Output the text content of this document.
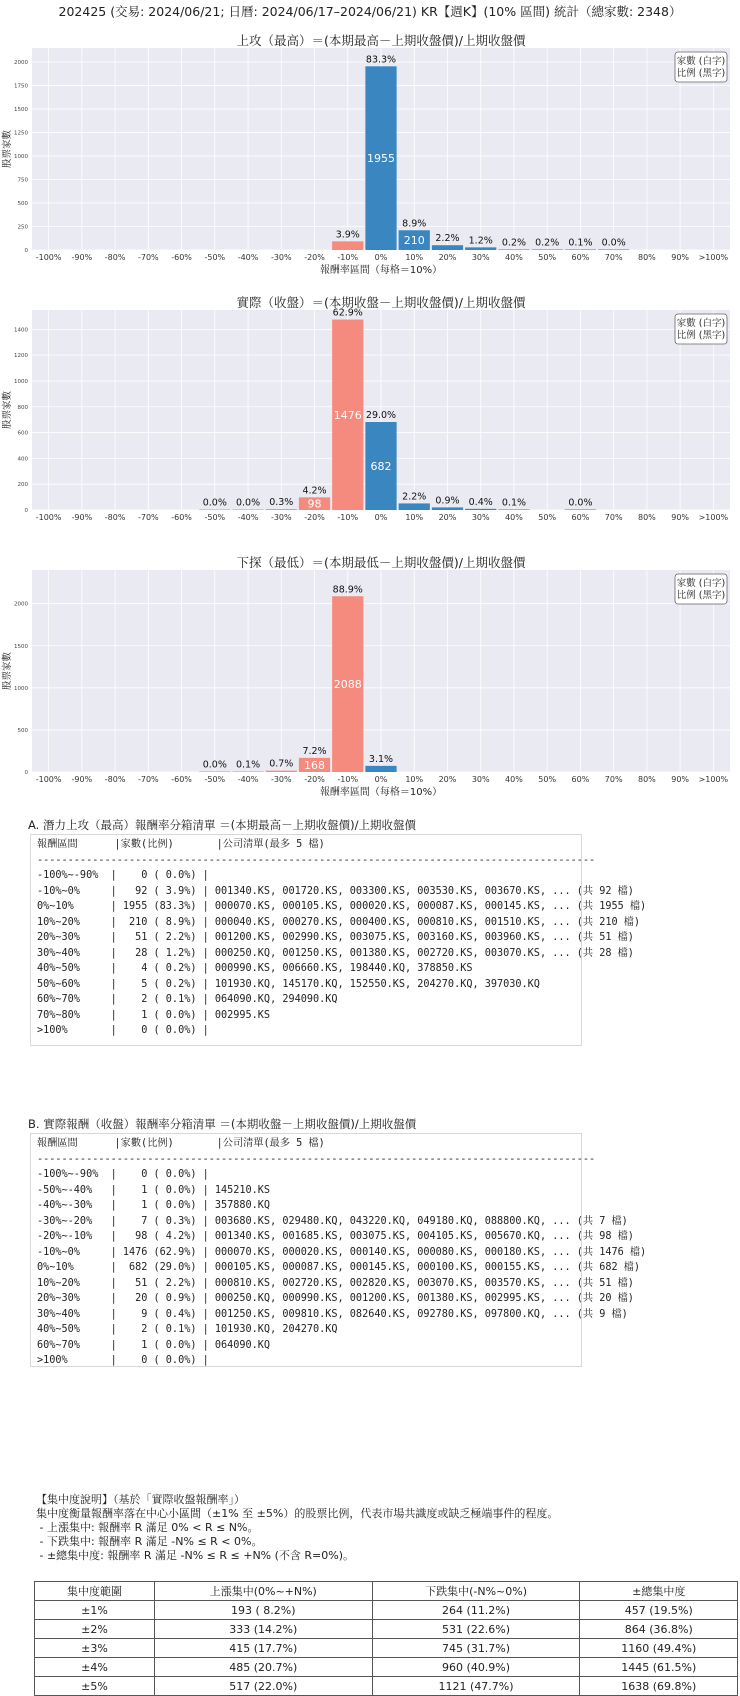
202425 (交易: 2024/06/21; 日曆: 2024/06/17–2024/06/21) KR【週K】(10% 區間) 統計（總家數: 2348）
上攻（最高）＝(本期最高－上期收盤價)/上期收盤價
0
250
500
750
1000
1250
1500
1750
2000
-100% -90% -80% -70% -60% -50% -40% -30% -20% -10% 0% 10% 20% 30% 40% 50% 60% 70% 80% 90% >100%
股票家數
報酬率區間（每格＝10%）
3.9%
83.3%
1955
8.9%
210 2.2% 1.2% 0.2% 0.2% 0.1% 0.0%
家數 (白字)
比例 (黑字)
實際（收盤）＝(本期收盤－上期收盤價)/上期收盤價
0
200
400
600
800
1000
1200
1400
-100% -90% -80% -70% -60% -50% -40% -30% -20% -10% 0% 10% 20% 30% 40% 50% 60% 70% 80% 90% >100%
股票家數
0.0% 0.0% 0.3%
4.2%
98
62.9%
1476 29.0%
682
2.2% 0.9% 0.4% 0.1%	0.0%
家數 (白字)
比例 (黑字)
下探（最低）＝(本期最低－上期收盤價)/上期收盤價
0
500
1000
1500
2000
-100% -90% -80% -70% -60% -50% -40% -30% -20% -10% 0% 10% 20% 30% 40% 50% 60% 70% 80% 90% >100%
股票家數
報酬率區間（每格＝10%）
0.0% 0.1% 0.7%
7.2%
168
88.9%
2088
3.1%
家數 (白字)
比例 (黑字)
A. 潛力上攻（最高）報酬率分箱清單 ＝(本期最高－上期收盤價)/上期收盤價
報酬區間      |家數(比例)       |公司清單(最多 5 檔)
-------------------------------------------------------------------------------------------
-100%~-90%  |    0 ( 0.0%) |
-10%~0%     |   92 ( 3.9%) | 001340.KS, 001720.KS, 003300.KS, 003530.KS, 003670.KS, ... (共 92 檔)
0%~10%      | 1955 (83.3%) | 000070.KS, 000105.KS, 000020.KS, 000087.KS, 000145.KS, ... (共 1955 檔)
10%~20%     |  210 ( 8.9%) | 000040.KS, 000270.KS, 000400.KS, 000810.KS, 001510.KS, ... (共 210 檔)
20%~30%     |   51 ( 2.2%) | 001200.KS, 002990.KS, 003075.KS, 003160.KS, 003960.KS, ... (共 51 檔)
30%~40%     |   28 ( 1.2%) | 000250.KQ, 001250.KS, 001380.KS, 002720.KS, 003070.KS, ... (共 28 檔)
40%~50%     |    4 ( 0.2%) | 000990.KS, 006660.KS, 198440.KQ, 378850.KS
50%~60%     |    5 ( 0.2%) | 101930.KQ, 145170.KQ, 152550.KS, 204270.KQ, 397030.KQ
60%~70%     |    2 ( 0.1%) | 064090.KQ, 294090.KQ
70%~80%     |    1 ( 0.0%) | 002995.KS
>100%       |    0 ( 0.0%) |
B. 實際報酬（收盤）報酬率分箱清單 ＝(本期收盤－上期收盤價)/上期收盤價
報酬區間      |家數(比例)       |公司清單(最多 5 檔)
-------------------------------------------------------------------------------------------
-100%~-90%  |    0 ( 0.0%) |
-50%~-40%   |    1 ( 0.0%) | 145210.KS
-40%~-30%   |    1 ( 0.0%) | 357880.KQ
-30%~-20%   |    7 ( 0.3%) | 003680.KS, 029480.KQ, 043220.KQ, 049180.KQ, 088800.KQ, ... (共 7 檔)
-20%~-10%   |   98 ( 4.2%) | 001340.KS, 001685.KS, 003075.KS, 004105.KS, 005670.KQ, ... (共 98 檔)
-10%~0%     | 1476 (62.9%) | 000070.KS, 000020.KS, 000140.KS, 000080.KS, 000180.KS, ... (共 1476 檔)
0%~10%      |  682 (29.0%) | 000105.KS, 000087.KS, 000145.KS, 000100.KS, 000155.KS, ... (共 682 檔)
10%~20%     |   51 ( 2.2%) | 000810.KS, 002720.KS, 002820.KS, 003070.KS, 003570.KS, ... (共 51 檔)
20%~30%     |   20 ( 0.9%) | 000250.KQ, 000990.KS, 001200.KS, 001380.KS, 002995.KS, ... (共 20 檔)
30%~40%     |    9 ( 0.4%) | 001250.KS, 009810.KS, 082640.KS, 092780.KS, 097800.KQ, ... (共 9 檔)
40%~50%     |    2 ( 0.1%) | 101930.KQ, 204270.KQ
60%~70%     |    1 ( 0.0%) | 064090.KQ
>100%       |    0 ( 0.0%) |
【集中度說明】（基於「實際收盤報酬率」）
集中度衡量報酬率落在中心小區間（±1% 至 ±5%）的股票比例，代表市場共識度或缺乏極端事件的程度。
- 上漲集中: 報酬率 R 滿足 0% < R ≤ N%。
- 下跌集中: 報酬率 R 滿足 -N% ≤ R < 0%。
- ±總集中度: 報酬率 R 滿足 -N% ≤ R ≤ +N% (不含 R=0%)。
集中度範圍	上漲集中(0%~+N%)	下跌集中(-N%~0%)	±總集中度
±1%	193 ( 8.2%)	264 (11.2%)	457 (19.5%)
±2%	333 (14.2%)	531 (22.6%)	864 (36.8%)
±3%	415 (17.7%)	745 (31.7%)	1160 (49.4%)
±4%	485 (20.7%)	960 (40.9%)	1445 (61.5%)
±5%	517 (22.0%)	1121 (47.7%)	1638 (69.8%)
